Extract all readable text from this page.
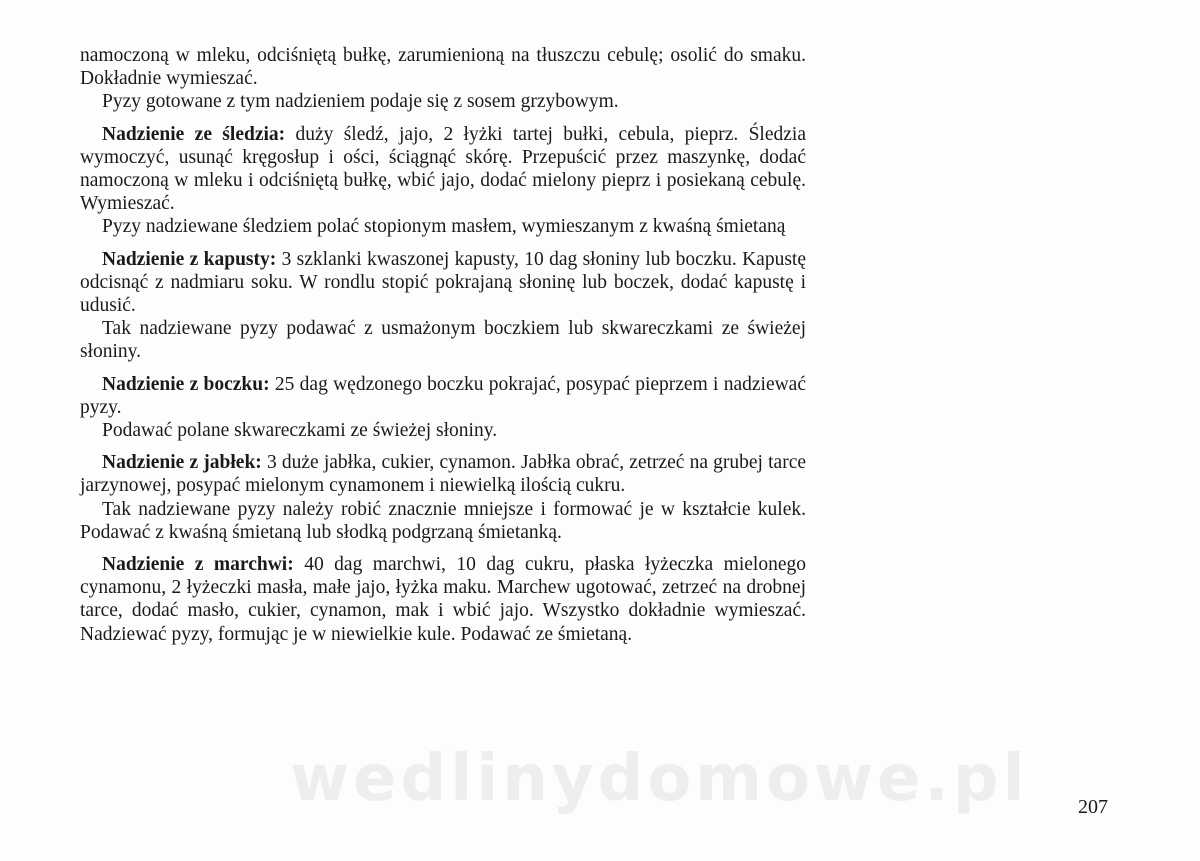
namoczoną w mleku, odciśniętą bułkę, zarumienioną na tłuszczu cebulę; osolić do smaku. Dokładnie wymieszać.

Pyzy gotowane z tym nadzieniem podaje się z sosem grzybowym.

Nadzienie ze śledzia: duży śledź, jajo, 2 łyżki tartej bułki, cebula, pieprz. Śledzia wymoczyć, usunąć kręgosłup i ości, ściągnąć skórę. Przepuścić przez maszynkę, dodać namoczoną w mleku i odciśniętą bułkę, wbić jajo, dodać mielony pieprz i posiekaną cebulę. Wymieszać.

Pyzy nadziewane śledziem polać stopionym masłem, wymieszanym z kwaśną śmietaną

Nadzienie z kapusty: 3 szklanki kwaszonej kapusty, 10 dag słoniny lub boczku. Kapustę odcisnąć z nadmiaru soku. W rondlu stopić pokrajaną słoninę lub boczek, dodać kapustę i udusić.

Tak nadziewane pyzy podawać z usmażonym boczkiem lub skwareczkami ze świeżej słoniny.

Nadzienie z boczku: 25 dag wędzonego boczku pokrajać, posypać pieprzem i nadziewać pyzy.

Podawać polane skwareczkami ze świeżej słoniny.

Nadzienie z jabłek: 3 duże jabłka, cukier, cynamon. Jabłka obrać, zetrzeć na grubej tarce jarzynowej, posypać mielonym cynamonem i niewielką ilością cukru.

Tak nadziewane pyzy należy robić znacznie mniejsze i formować je w kształcie kulek. Podawać z kwaśną śmietaną lub słodką podgrzaną śmietanką.

Nadzienie z marchwi: 40 dag marchwi, 10 dag cukru, płaska łyżeczka mielonego cynamonu, 2 łyżeczki masła, małe jajo, łyżka maku. Marchew ugotować, zetrzeć na drobnej tarce, dodać masło, cukier, cynamon, mak i wbić jajo. Wszystko dokładnie wymieszać. Nadziewać pyzy, formując je w niewielkie kule. Podawać ze śmietaną.

wedlinydomowe.pl 207
